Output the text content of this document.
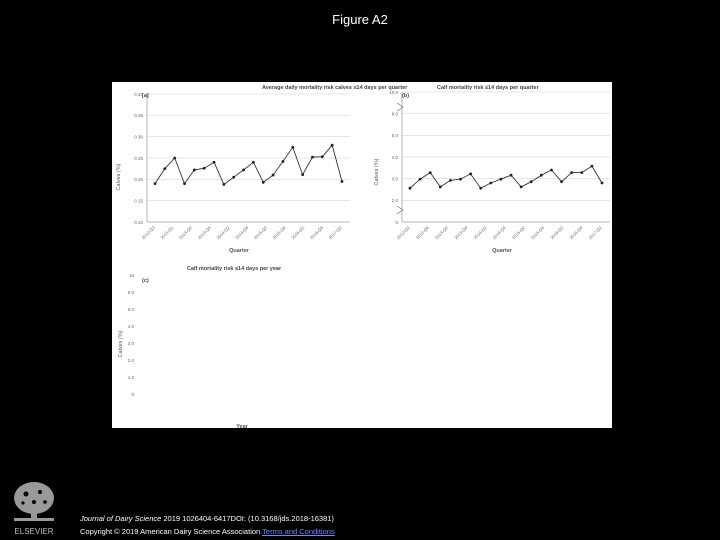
Figure A2
Average daily mortality risk calves ≤14 days per quarter
[a]
Calves (%)
Quarter
0.40
0.35
0.30
0.25
0.20
0.15
0.10
2012-Q3 2013-Q1 2013-Q2 2013-Q4 2014-Q2 2014-Q4 2015-Q2 2015-Q4 2016-Q2 2016-Q4 2017-Q2
Calf mortality risk ≤14 days per quarter
(b)
Calves (%)
Quarter
10.0
8.0
6.0
4.0
3.0
2.0
0
2012-Q2 2012-Q4 2013-Q2 2013-Q4 2014-Q2 2014-Q4 2015-Q2 2015-Q4 2016-Q2 2016-Q4 2017-Q2
Calf mortality risk ≤14 days per year
(c)
Calves (%)
Year
10
6.0
5.0
4.0
3.0
2.0
1.0
0
ELSEVIER
Journal of Dairy Science 2019 1026404-6417DOI: (10.3168/jds.2018-16381)
Copyright © 2019 American Dairy Science Association Terms and Conditions
